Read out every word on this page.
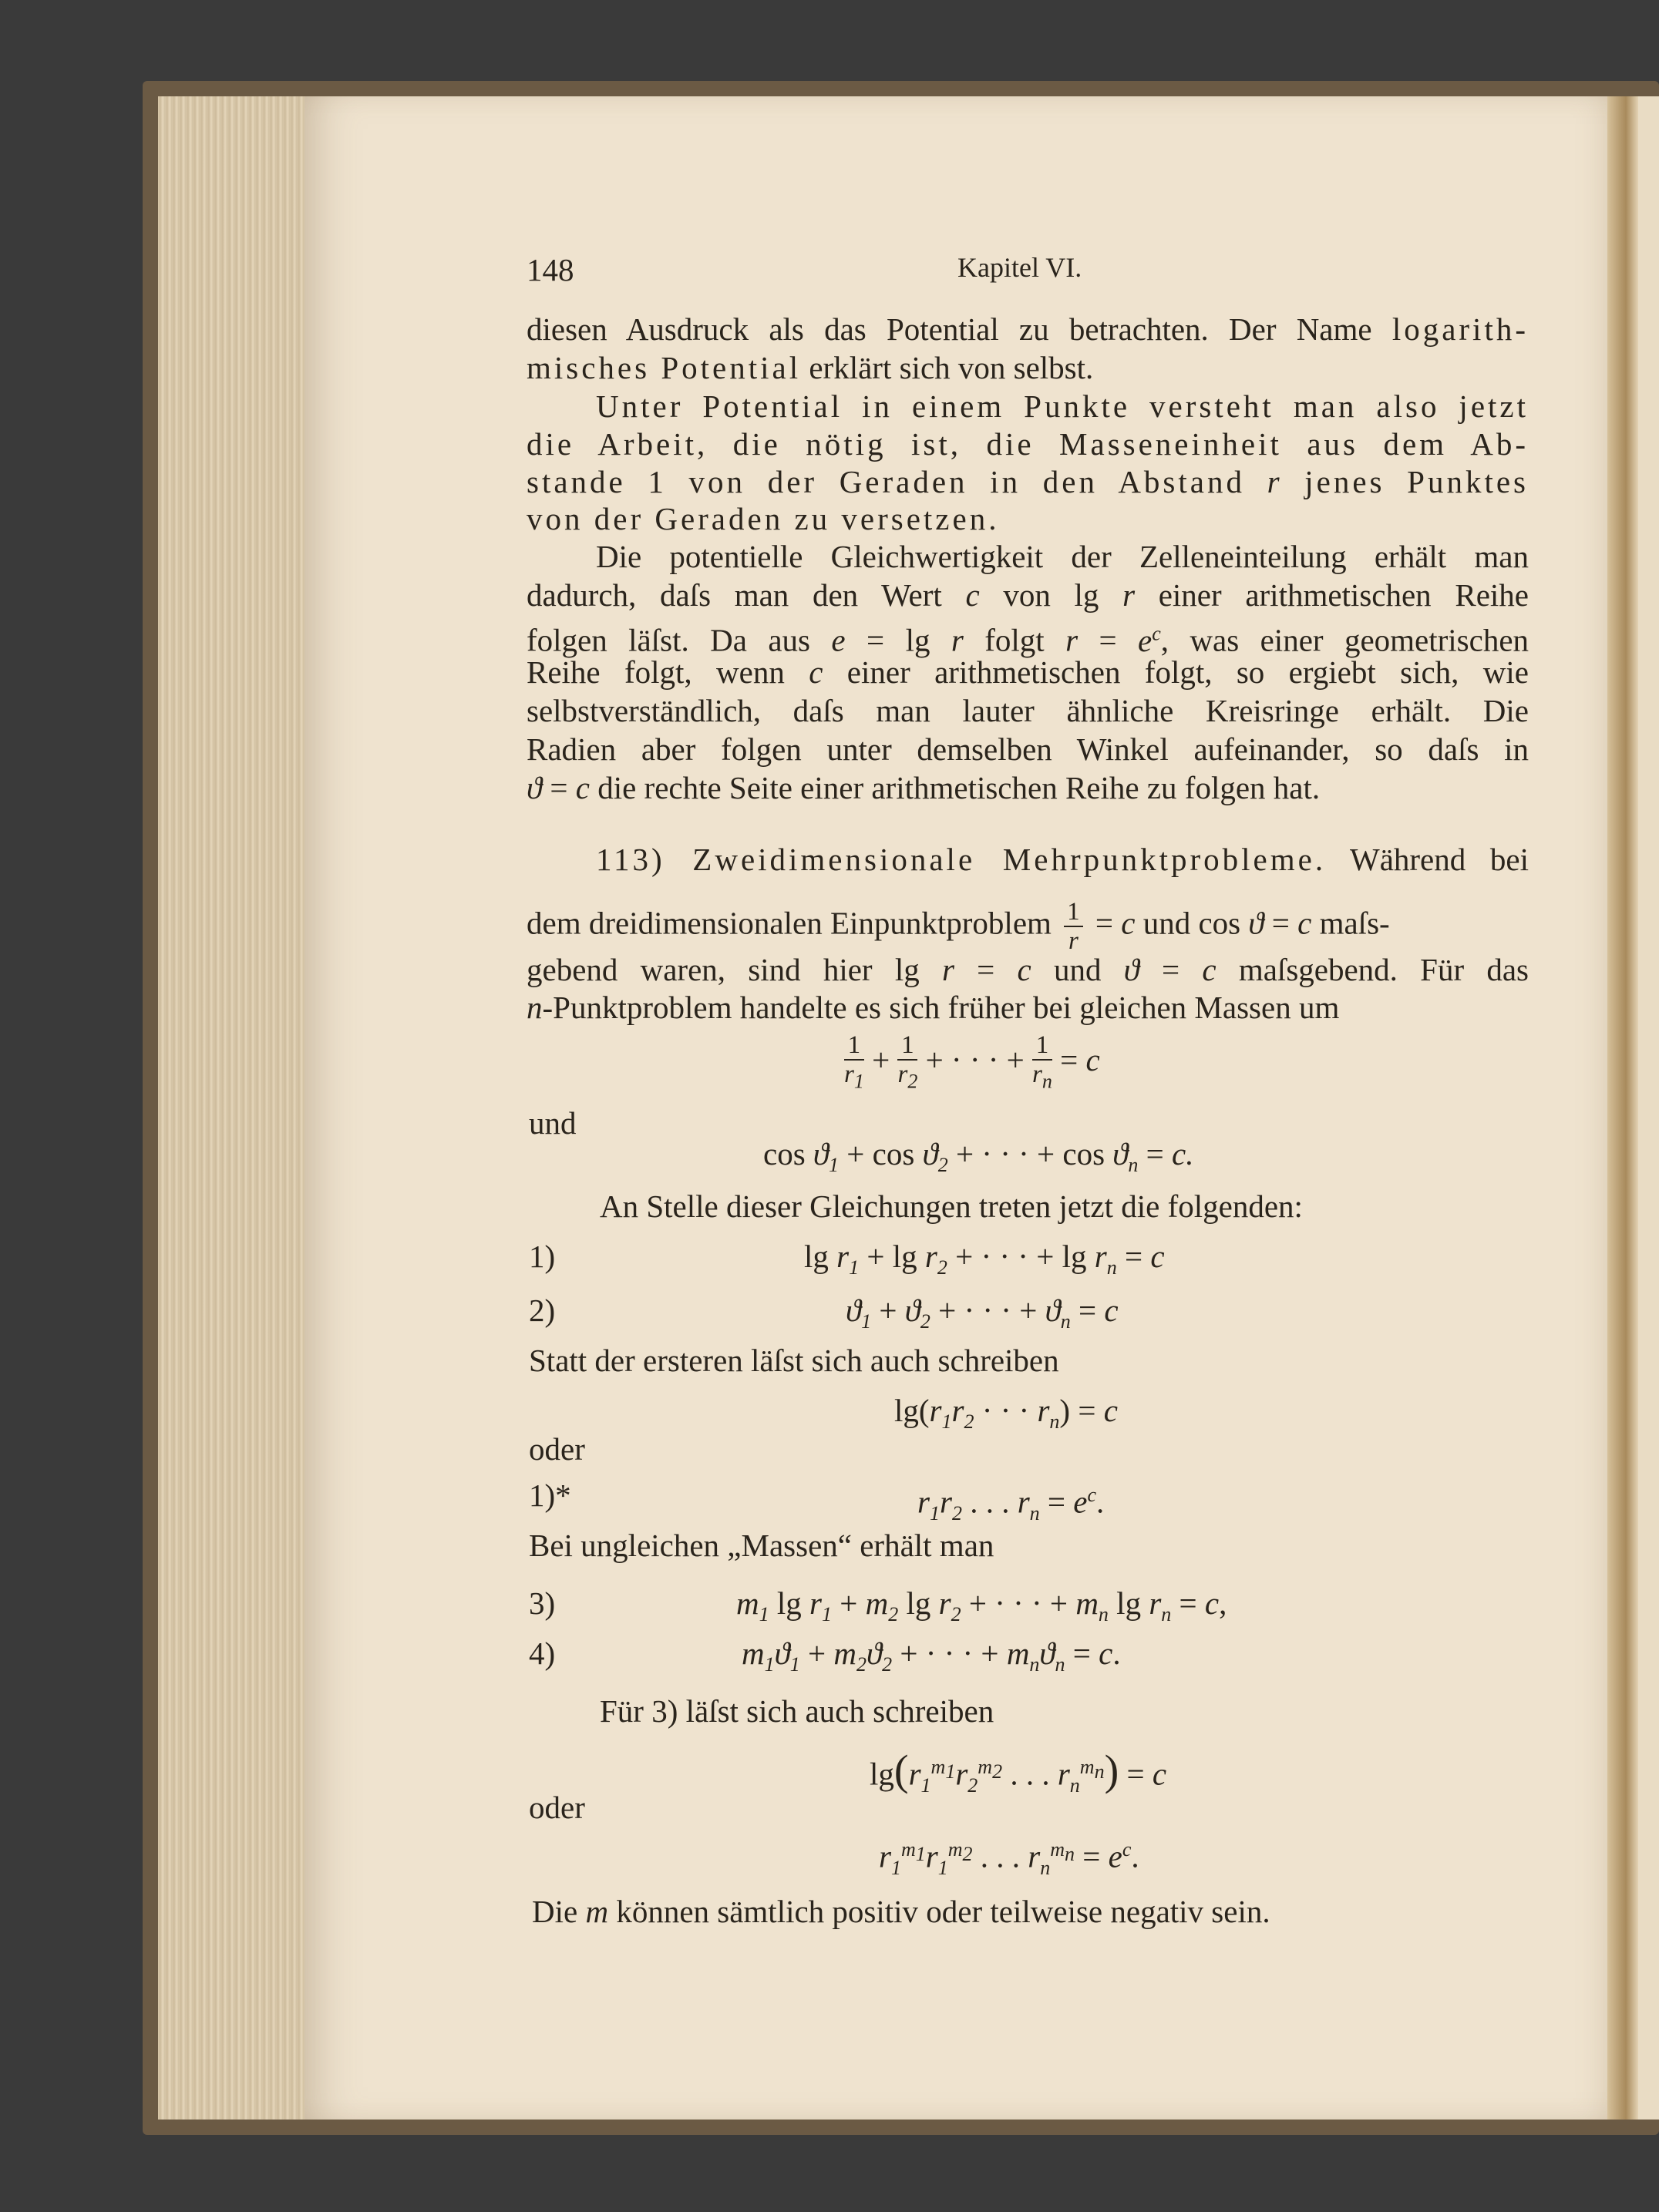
148	Kapitel VI.
diesen Ausdruck als das Potential zu betrachten. Der Name logarith-
misches Potential erklärt sich von selbst.
Unter Potential in einem Punkte versteht man also jetzt
die Arbeit, die nötig ist, die Masseneinheit aus dem Ab-
stande 1 von der Geraden in den Abstand r jenes Punktes
von der Geraden zu versetzen.
Die potentielle Gleichwertigkeit der Zelleneinteilung erhält man
dadurch, daſs man den Wert c von lg r einer arithmetischen Reihe
folgen läſst. Da aus e = lg r folgt $r = e^c$, was einer geometrischen
Reihe folgt, wenn c einer arithmetischen folgt, so ergiebt sich, wie
selbstverständlich, daſs man lauter ähnliche Kreisringe erhält. Die
Radien aber folgen unter demselben Winkel aufeinander, so daſs in
ϑ = c die rechte Seite einer arithmetischen Reihe zu folgen hat.
113) Zweidimensionale Mehrpunktprobleme. Während bei
dem dreidimensionalen Einpunktproblem $\frac{1}{r} = c$ und cos ϑ = c maſs-
gebend waren, sind hier lg r = c und ϑ = c maſsgebend. Für das
n-Punktproblem handelte es sich früher bei gleichen Massen um
$\frac{1}{r_1} + \frac{1}{r_2}$ + · · · + $\frac{1}{r_n} = c$
und
$\cos ϑ_1 + \cos ϑ_2$ + · · · + $\cos ϑ_n = c$.
An Stelle dieser Gleichungen treten jetzt die folgenden:
1)	$\lg r_1 + \lg r_2$ + · · · + $\lg r_n = c$
2)	$ϑ_1 + ϑ_2$ + · · · + $ϑ_n = c$
Statt der ersteren läſst sich auch schreiben
$\lg(r_1r_2$ · · · $r_n) = c$
oder
1)*	$r_1r_2$ . . . $r_n = e^c$.
Bei ungleichen „Massen“ erhält man
3)	$m_1$ $\lg r_1 + m_2$ $\lg r_2$ + · · · + $m_n$ $\lg r_n = c$,
4)	$m_1ϑ_1 + m_2ϑ_2$ + · · · + $m_nϑ_n = c$.
Für 3) läſst sich auch schreiben
$\lg(r_1^{m_1}r_2^{m_2}$ . . . $r_n^{m_n}) = c$
oder
$r_1^{m_1}r_1^{m_2}$ . . . $r_n^{m_n} = e^c$.
Die m können sämtlich positiv oder teilweise negativ sein.
